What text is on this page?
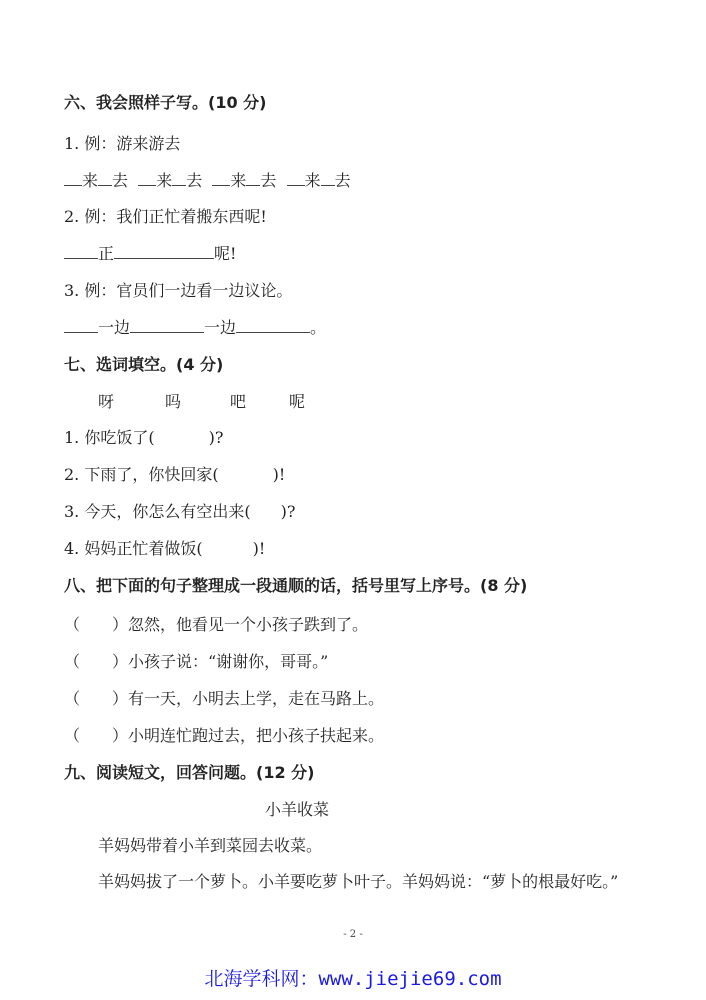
六、我会照样子写。(10 分)
1. 例：游来游去
来 去 来 去 来 去 来 去
2. 例：我们正忙着搬东西呢!
正	呢!
3. 例：官员们一边看一边议论。
一边	一边	。
七、选词填空。(4 分)
呀	吗	吧	呢
1. 你吃饭了(	)?
2. 下雨了，你快回家(	)!
3. 今天，你怎么有空出来( )?
4. 妈妈正忙着做饭(	)!
八、把下面的句子整理成一段通顺的话，括号里写上序号。(8 分)
（　　）忽然，他看见一个小孩子跌到了。
（　　）小孩子说：“谢谢你，哥哥。”
（　　）有一天，小明去上学，走在马路上。
（　　）小明连忙跑过去，把小孩子扶起来。
九、阅读短文，回答问题。(12 分)
小羊收菜
羊妈妈带着小羊到菜园去收菜。
羊妈妈拔了一个萝卜。小羊要吃萝卜叶子。羊妈妈说：“萝卜的根最好吃。”
- 2 -
北海学科网：www.jiejie69.com
